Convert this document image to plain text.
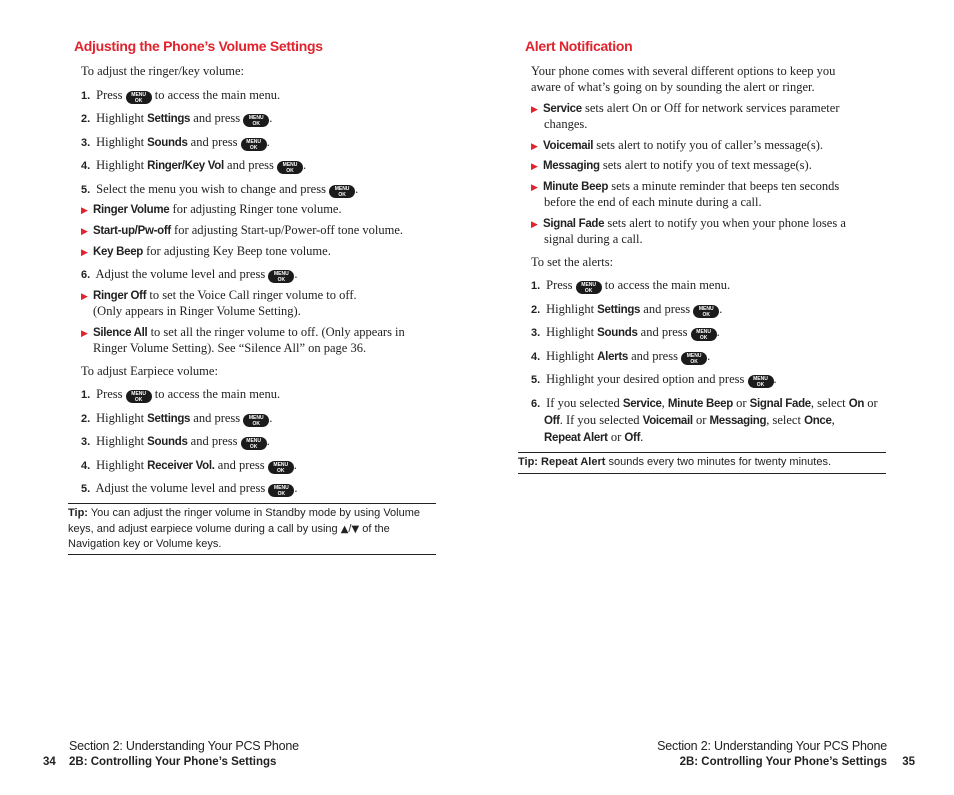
Adjusting the Phone’s Volume Settings

To adjust the ringer/key volume:

1. Press	MENU
OK to access the main menu.

2. Highlight Settings and press	MENU
OK .

3. Highlight Sounds and press	MENU
OK .

4. Highlight Ringer/Key Vol and press	MENU
OK .

5. Select the menu you wish to change and press	MENU
OK .

▶ Ringer Volume for adjusting Ringer tone volume.

▶ Start-up/Pw-off for adjusting Start-up/Power-off tone volume.

▶ Key Beep for adjusting Key Beep tone volume.

6. Adjust the volume level and press	MENU
OK .

▶ Ringer Off to set the Voice Call ringer volume to off.

(Only appears in Ringer Volume Setting).

▶ Silence All to set all the ringer volume to off. (Only appears in

Ringer Volume Setting). See “Silence All” on page 36.

To adjust Earpiece volume:

1. Press	MENU
OK to access the main menu.

2. Highlight Settings and press	MENU
OK .

3. Highlight Sounds and press	MENU
OK .

4. Highlight Receiver Vol. and press	MENU
OK .

5. Adjust the volume level and press	MENU
OK .

Tip: You can adjust the ringer volume in Standby mode by using Volume
keys, and adjust earpiece volume during a call by using ▲/▼ of the
Navigation key or Volume keys.
Alert Notification

Your phone comes with several different options to keep you

aware of what’s going on by sounding the alert or ringer.

▶ Service sets alert On or Off for network services parameter

changes.

▶ Voicemail sets alert to notify you of caller’s message(s).

▶ Messaging sets alert to notify you of text message(s).

▶ Minute Beep sets a minute reminder that beeps ten seconds

before the end of each minute during a call.

▶ Signal Fade sets alert to notify you when your phone loses a

signal during a call.

To set the alerts:

1. Press	MENU
OK to access the main menu.

2. Highlight Settings and press	MENU
OK .

3. Highlight Sounds and press	MENU
OK .

4. Highlight Alerts and press	MENU
OK .

5. Highlight your desired option and press	MENU
OK .

6. If you selected Service, Minute Beep or Signal Fade, select On or

Off. If you selected Voicemail or Messaging, select Once,

Repeat Alert or Off.

Tip: Repeat Alert sounds every two minutes for twenty minutes.
Section 2: Understanding Your PCS Phone
34 2B: Controlling Your Phone’s Settings
Section 2: Understanding Your PCS Phone
2B: Controlling Your Phone’s Settings 35
